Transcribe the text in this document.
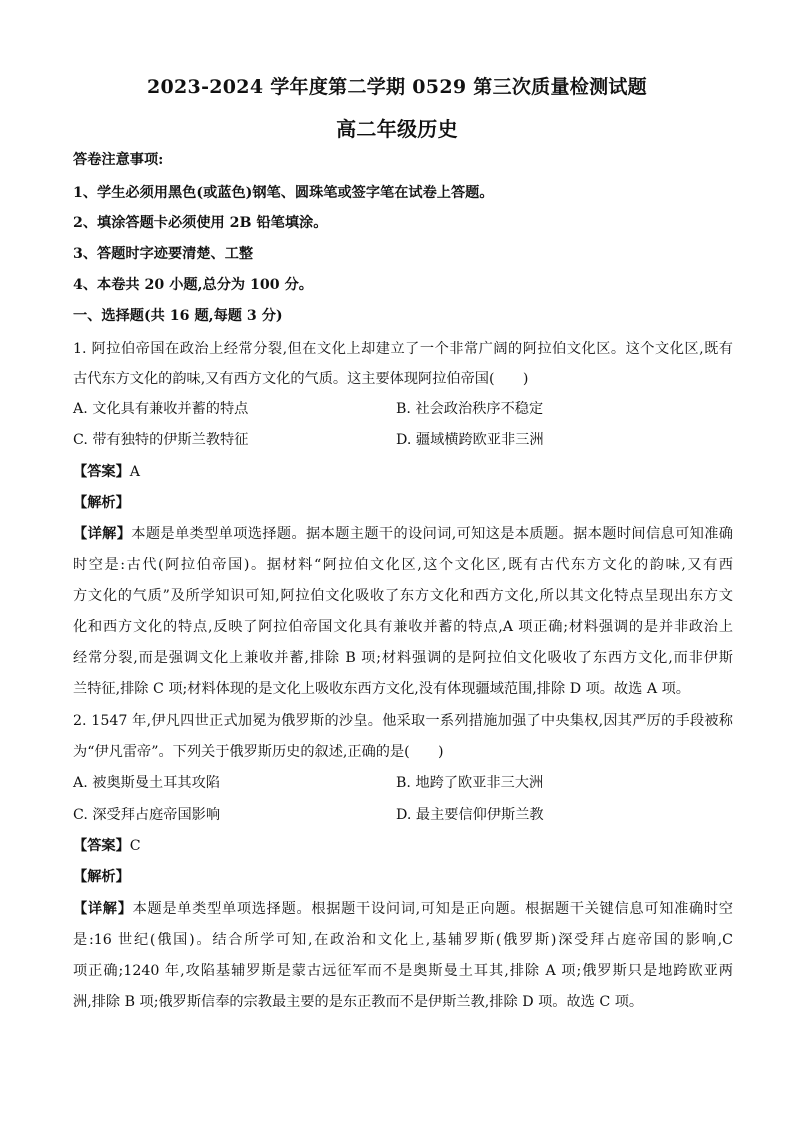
2023-2024 学年度第二学期 0529 第三次质量检测试题
高二年级历史
答卷注意事项:
1、学生必须用黑色(或蓝色)钢笔、圆珠笔或签字笔在试卷上答题。
2、填涂答题卡必须使用 2B 铅笔填涂。
3、答题时字迹要清楚、工整
4、本卷共 20 小题,总分为 100 分。
一、选择题(共 16 题,每题 3 分)
1. 阿拉伯帝国在政治上经常分裂,但在文化上却建立了一个非常广阔的阿拉伯文化区。这个文化区,既有
古代东方文化的韵味,又有西方文化的气质。这主要体现阿拉伯帝国(　　)
A. 文化具有兼收并蓄的特点	B. 社会政治秩序不稳定
C. 带有独特的伊斯兰教特征	D. 疆域横跨欧亚非三洲
【答案】A
【解析】
【详解】本题是单类型单项选择题。据本题主题干的设问词,可知这是本质题。据本题时间信息可知准确
时空是:古代(阿拉伯帝国)。据材料“阿拉伯文化区,这个文化区,既有古代东方文化的韵味,又有西
方文化的气质”及所学知识可知,阿拉伯文化吸收了东方文化和西方文化,所以其文化特点呈现出东方文
化和西方文化的特点,反映了阿拉伯帝国文化具有兼收并蓄的特点,A 项正确;材料强调的是并非政治上
经常分裂,而是强调文化上兼收并蓄,排除 B 项;材料强调的是阿拉伯文化吸收了东西方文化,而非伊斯
兰特征,排除 C 项;材料体现的是文化上吸收东西方文化,没有体现疆域范围,排除 D 项。故选 A 项。
2. 1547 年,伊凡四世正式加冕为俄罗斯的沙皇。他采取一系列措施加强了中央集权,因其严厉的手段被称
为“伊凡雷帝”。下列关于俄罗斯历史的叙述,正确的是(　　)
A. 被奥斯曼土耳其攻陷	B. 地跨了欧亚非三大洲
C. 深受拜占庭帝国影响	D. 最主要信仰伊斯兰教
【答案】C
【解析】
【详解】本题是单类型单项选择题。根据题干设问词,可知是正向题。根据题干关键信息可知准确时空
是:16 世纪(俄国)。结合所学可知,在政治和文化上,基辅罗斯(俄罗斯)深受拜占庭帝国的影响,C
项正确;1240 年,攻陷基辅罗斯是蒙古远征军而不是奥斯曼土耳其,排除 A 项;俄罗斯只是地跨欧亚两
洲,排除 B 项;俄罗斯信奉的宗教最主要的是东正教而不是伊斯兰教,排除 D 项。故选 C 项。
